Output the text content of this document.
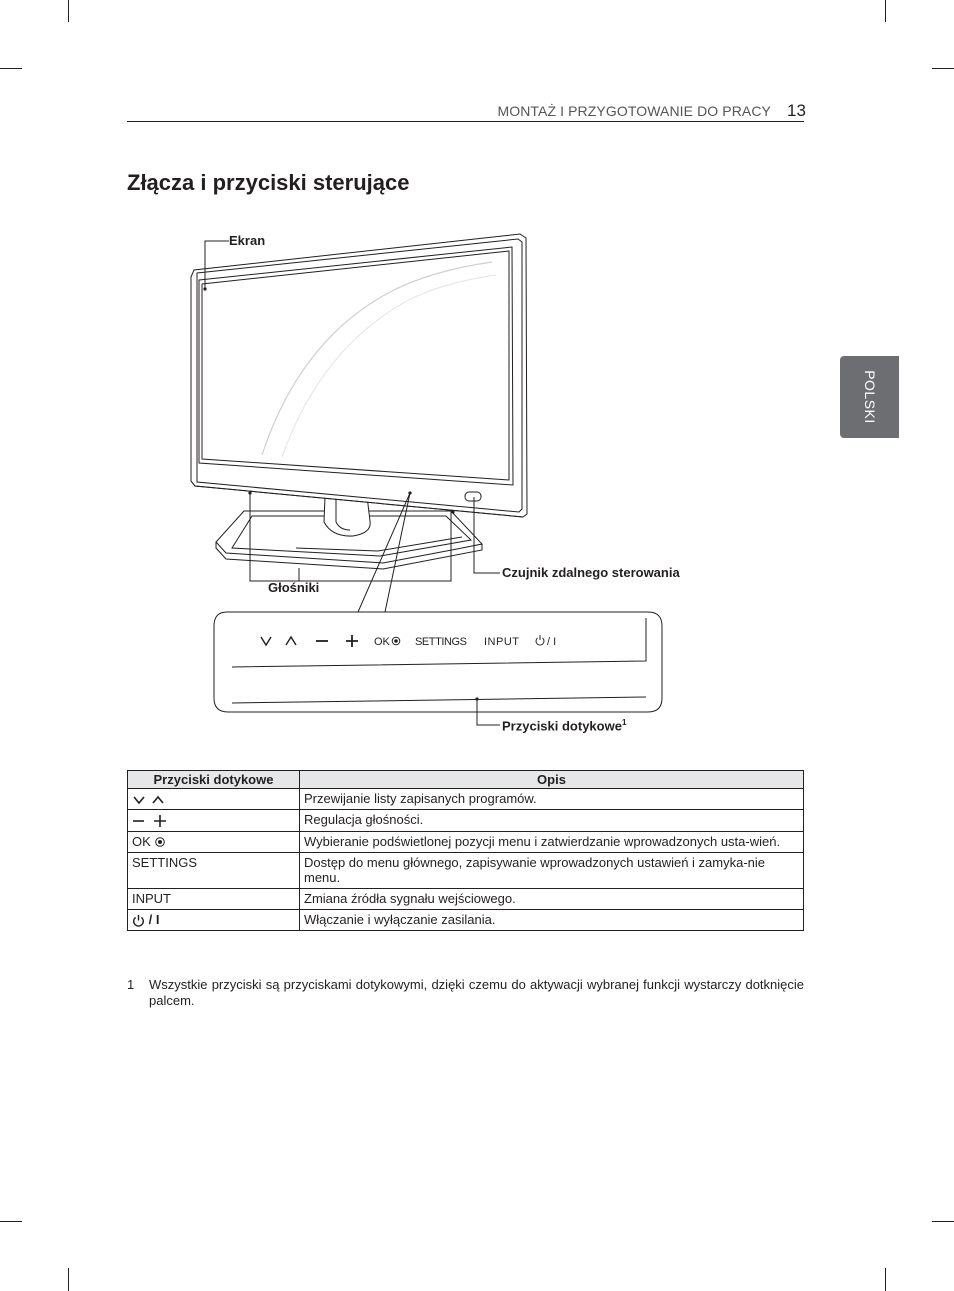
MONTAŻ I PRZYGOTOWANIE DO PRACY 13
POLSKI
Złącza i przyciski sterujące
OK SETTINGS INPUT	/ I
Ekran
Głośniki
Czujnik zdalnego sterowania
Przyciski dotykowe$^1$
Przyciski dotykowe	Opis
	Przewijanie listy zapisanych programów.
	Regulacja głośności.
OK	Wybieranie podświetlonej pozycji menu i zatwierdzanie wprowadzonych usta-wień.
SETTINGS	Dostęp do menu głównego, zapisywanie wprowadzonych ustawień i zamyka-nie menu.
INPUT	Zmiana źródła sygnału wejściowego.
/ I	Włączanie i wyłączanie zasilania.
1 Wszystkie przyciski są przyciskami dotykowymi, dzięki czemu do aktywacji wybranej funkcji wystarczy dotknięcie palcem.
